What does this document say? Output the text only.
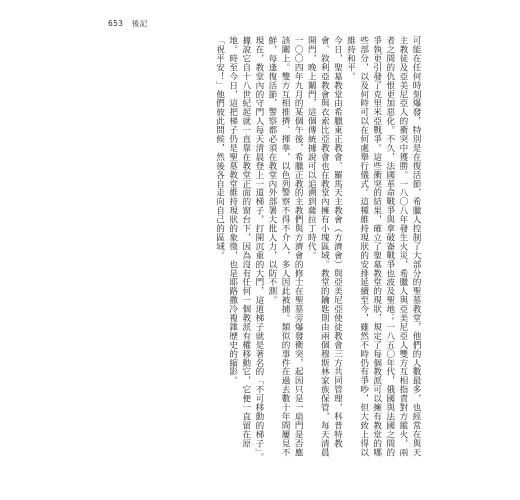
653 後記

可能在任何時刻爆發，特別是在復活節，希臘人控制了大部分的聖墓教堂，他們的人數最多，也經常在與天主教徒及亞美尼亞人的衝突中獲勝。一八〇八年發生火災，希臘人與亞美尼亞人雙方互相指責對方縱火，兩者之間的仇恨更加惡化。不久，法國革命戰爭與拿破崙戰爭也波及聖地；一八五〇年代，俄國與法國之間的爭執更引發了克里米亞戰爭。這些衝突的結果，確立了聖墓教堂的現狀，規定了每個教派可以擁有教堂的哪些部分，以及何時可以在何處舉行儀式。這種維持現狀的安排延續至今，雖然不時仍有爭吵，但大致上得以維持和平。

今日，聖墓教堂由希臘東正教會、羅馬天主教會（方濟會）與亞美尼亞使徒教會三方共同管理，科普特教會、敘利亞教會與衣索比亞教會也在教堂內擁有小塊區域。教堂的鑰匙則由兩個穆斯林家族保管，每天清晨開門，晚上關門，這個傳統據說可以追溯到薩拉丁時代。

一〇〇四年九月的某個午後，希臘正教的主教們與方濟會的修士在聖墓旁爆發衝突，起因只是一扇門是否應該關上。雙方互相推擠、揮拳，以色列警察不得不介入，多人因此被捕。類似的事件在過去數十年間屢見不鮮，每逢復活節，警察都必須在教堂內外部署大批人力，以防不測。

現在，教堂內的守門人每天清晨登上一道梯子，打開沉重的大門，這道梯子就是著名的「不可移動的梯子」。據說它自十八世紀起就一直靠在教堂正面的窗台下，因為沒有任何一個教派有權移動它，它便一直留在原地。時至今日，這把梯子仍是聖墓教堂維持現狀的象徵，也是耶路撒冷複雜歷史的縮影。

「祝平安！」他們彼此問候，然後各自走向自己的區域。
